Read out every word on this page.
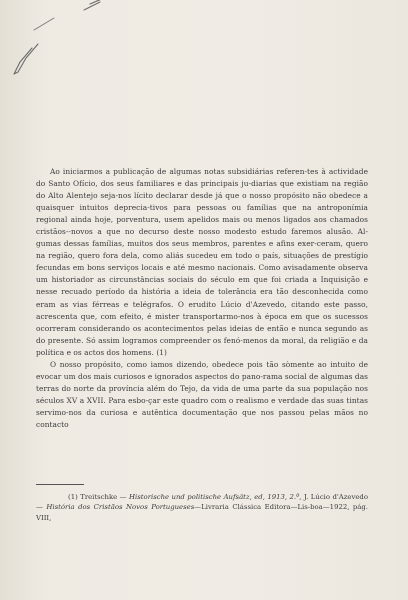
Ao iniciarmos a publicação de algumas notas subsidiárias referen-tes à actividade do Santo Ofício, dos seus familiares e das principais ju-diarias que existiam na região do Alto Alentejo seja-nos lícito declarar desde já que o nosso propósito não obedece a quaisquer intuitos depreciа-tivos para pessoas ou famílias que na antroponímia regional ainda hoje, porventura, usem apelidos mais ou menos ligados aos chamados cristãos--novos a que no decurso deste nosso modesto estudo faremos alusão. Al-gumas dessas famílias, muitos dos seus membros, parentes e afins exer-ceram, quero na região, quero fora dela, como aliás sucedeu em todo o país, situações de prestígio fecundas em bons serviços locais e até mesmo nacionais. Como avisadamente observa um historiador as circunstâncias sociais do século em que foi criada a Inquisição e nesse recuado período da história a ideia de tolerância era tão desconhecida como eram as vias férreas e telégrafos. O erudito Lúcio d'Azevedo, citando este passo, acrescenta que, com efeito, é mister transportarmo-nos à época em que os sucessos ocorreram considerando os acontecimentos pelas ideias de então e nunca segundo as do presente. Só assim logramos compreender os fenó-menos da moral, da religião e da política e os actos dos homens. (1)

O nosso propósito, como iamos dizendo, obedece pois tão sòmente ao intuito de evocar um dos mais curiosos e ignorados aspectos do pano-rama social de algumas das terras do norte da província além do Tejo, da vida de uma parte da sua população nos séculos XV a XVII. Para esbo-çar este quadro com o realismo e verdade das suas tintas servimo-nos da curiosa e autêntica documentação que nos passou pelas mãos no contacto

(1) Treitschke — Historische und politische Aufsätz, ed, 1913, 2.º, J. Lúcio d'Azevedo — História dos Cristãos Novos Portugueses—Livraria Clássica Editora—Lis-boa—1922, pág. VIII,
